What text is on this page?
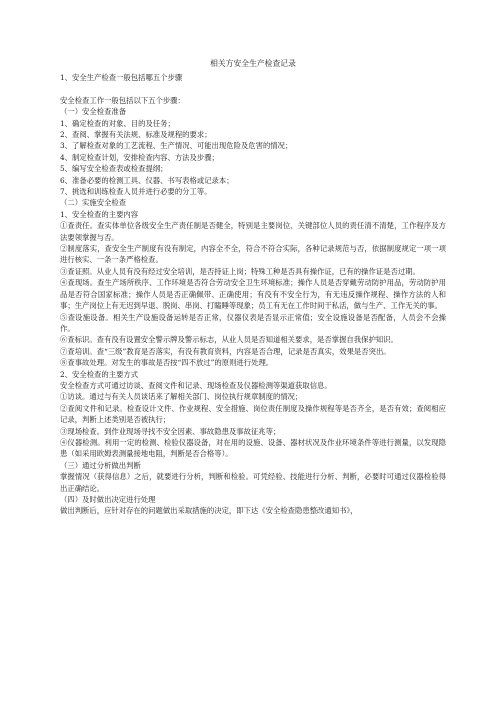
相关方安全生产检查记录
1、安全生产检查一般包括哪五个步骤
安全检查工作一般包括以下五个步骤：
（一）安全检查准备
1、确定检查的对象、目的及任务；
2、查阅、掌握有关法规、标准及规程的要求；
3、了解检查对象的工艺流程、生产情况、可能出现危险及危害的情况；
4、制定检查计划，安排检查内容、方法及步骤；
5、编写安全检查表或检查提纲；
6、准备必要的检测工具、仪器、书写表格或记录本；
7、挑选和训练检查人员并进行必要的分工等。
（二）实施安全检查
1、安全检查的主要内容
①查责任。查实体单位各级安全生产责任制是否健全，特别是主要岗位、关键部位人员的责任清不清楚，工作程序及方法要领掌握与否。
②制度落实，查安全生产制度有没有制定，内容全不全，符合不符合实际，各种记录规范与否，依据制度规定一项一项进行核实、一条一条严格检查。
③查证照。从业人员有没有经过安全培训，是否持证上岗；特殊工种是否具有操作证，已有的操作证是否过期。
④查现场。查生产场所秩序、工作环境是否符合劳动安全卫生环境标准；操作人员是否穿戴劳动防护用品，劳动防护用品是否符合国家标准；操作人员是否正确佩带、正确使用；有没有不安全行为，有无违反操作规程、操作方法的人和事；生产岗位上有无迟到早退、脱岗、串岗、打瞌睡等现象；员工有无在工作时间干私活，做与生产、工作无关的事。
⑤查设施设备。相关生产设施设备运转是否正常，仪器仪表是否显示正常值；安全设施设备是否配备，人员会不会操作。
⑥查标识。查有没有设置安全警示牌及警示标志，从业人员是否知道相关要求，是否掌握自我保护知识。
⑦查培训。查“三级”教育是否落实，有没有教育资料，内容是否合理，记录是否真实，效果是否突出。
⑧查事故处理。对发生的事故是否按“四不放过”的原则进行处理。
2、安全检查的主要方式
安全检查方式可通过访谈、查阅文件和记录、现场检查及仪器检测等渠道获取信息。
①访谈。通过与有关人员谈话来了解相关部门、岗位执行规章制度的情况；
②查阅文件和记录。检查设计文件、作业规程、安全措施、岗位责任制度及操作规程等是否齐全，是否有效；查阅相应记录，判断上述类别是否被执行；
③现场检查。到作业现场寻找不安全因素、事故隐患及事故征兆等；
④仪器检测。利用一定的检测、检验仪器设备，对在用的设施、设备、器材状况及作业环境条件等进行测量，以发现隐患（如采用欧姆表测量接地电阻，判断是否合格等）。
（三）通过分析做出判断
掌握情况（获得信息）之后，就要进行分析，判断和检验。可凭经验、技能进行分析、判断，必要时可通过仪器检验得出正确结论。
（四）及时做出决定进行处理
做出判断后，应针对存在的问题做出采取措施的决定，即下达《安全检查隐患整改通知书》，
